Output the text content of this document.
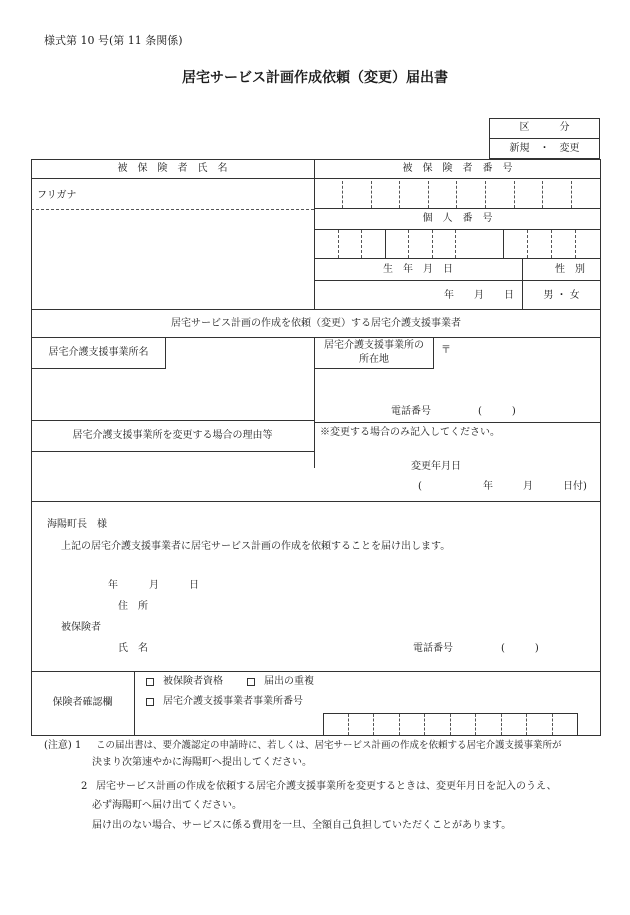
様式第 10 号(第 11 条関係)
居宅サービス計画作成依頼（変更）届出書
区　　　分
新規　・　変更
被　保　険　者　氏　名	被　保　険　者　番　号
フリガナ
個　人　番　号
生　年　月　日	性　別
年　　月　　日	男 ・ 女
居宅サービス計画の作成を依頼（変更）する居宅介護支援事業者
居宅介護支援事業所名
居宅介護支援事業所の
所在地
〒
電話番号	(　　　)
居宅介護支援事業所を変更する場合の理由等	※変更する場合のみ記入してください。
変更年月日
(	年	月	日付)
海陽町長　様
上記の居宅介護支援事業者に居宅サービス計画の作成を依頼することを届け出します。
年	月	日
住　所
被保険者
氏　名	電話番号	(　　　)
保険者確認欄
被保険者資格	届出の重複
居宅介護支援事業者事業所番号
(注意) 1 この届出書は、要介護認定の申請時に、若しくは、居宅サービス計画の作成を依頼する居宅介護支援事業所が
決まり次第速やかに海陽町へ提出してください。
2 居宅サービス計画の作成を依頼する居宅介護支援事業所を変更するときは、変更年月日を記入のうえ、
必ず海陽町へ届け出てください。
届け出のない場合、サービスに係る費用を一旦、全額自己負担していただくことがあります。
